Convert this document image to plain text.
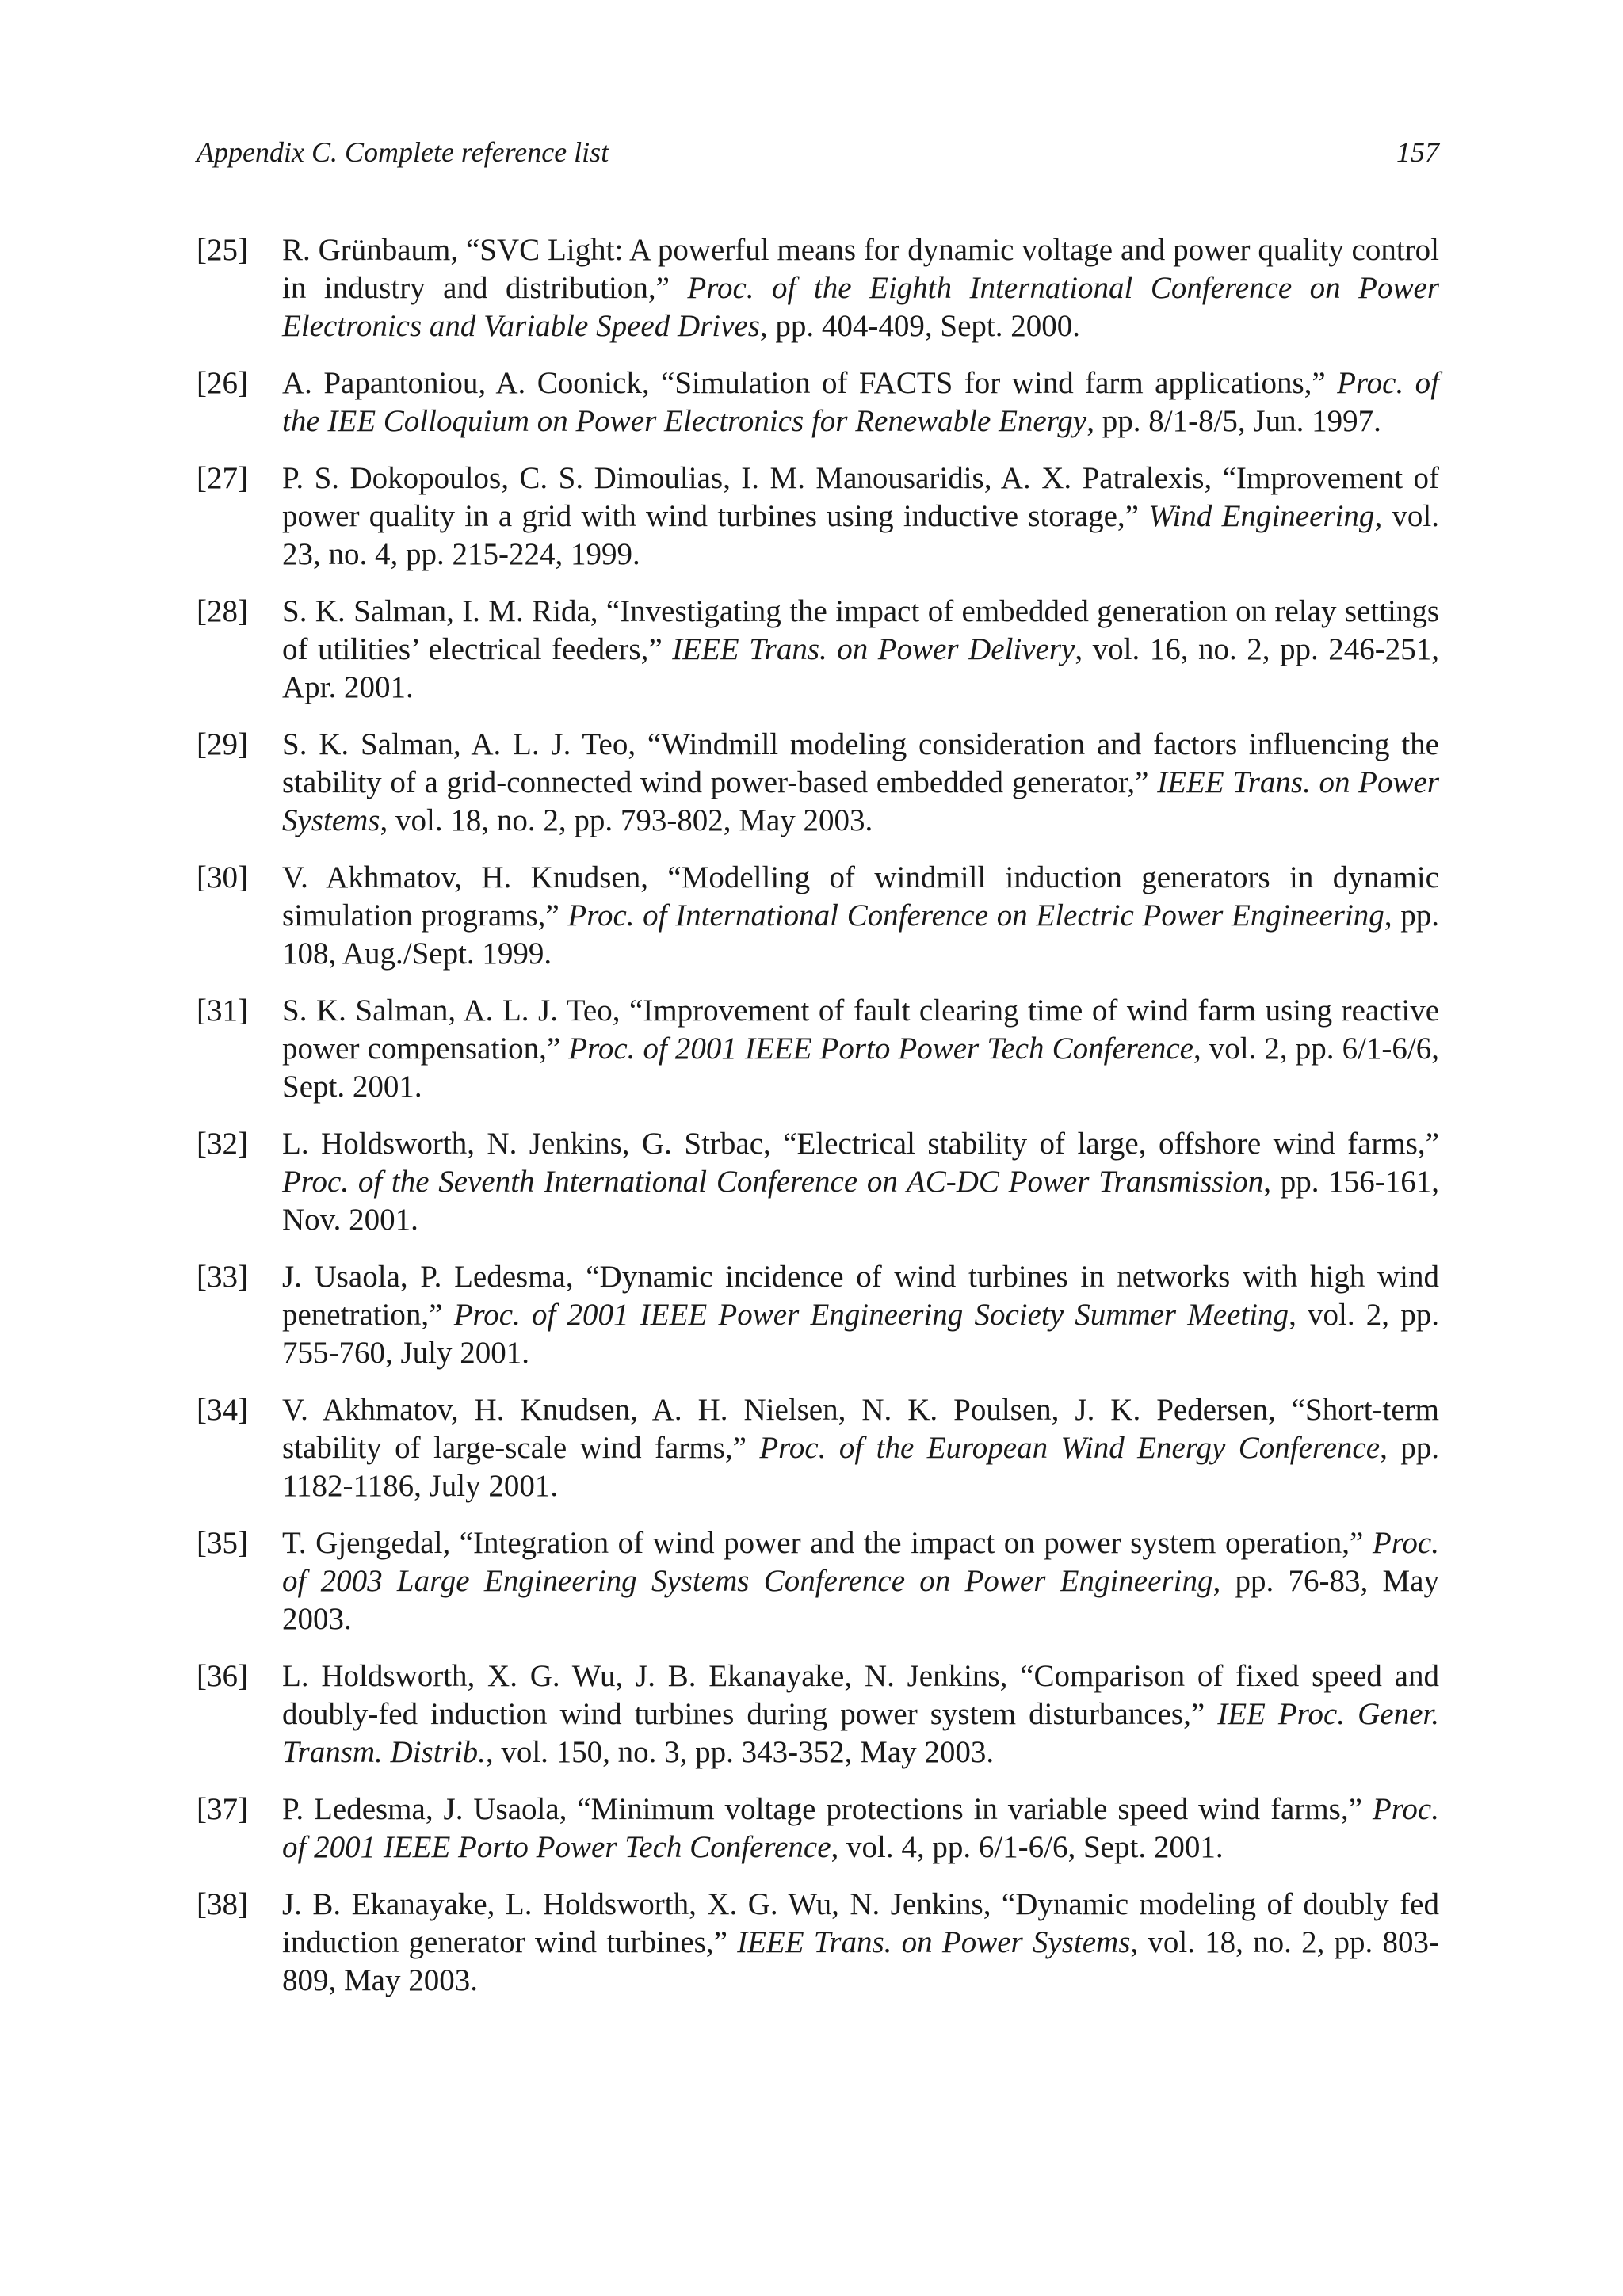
Appendix C. Complete reference list	157
[25] R. Grünbaum, “SVC Light: A powerful means for dynamic voltage and power quality control in industry and distribution,” Proc. of the Eighth International Conference on Power Electronics and Variable Speed Drives, pp. 404-409, Sept. 2000.
[26] A. Papantoniou, A. Coonick, “Simulation of FACTS for wind farm applications,” Proc. of the IEE Colloquium on Power Electronics for Renewable Energy, pp. 8/1-8/5, Jun. 1997.
[27] P. S. Dokopoulos, C. S. Dimoulias, I. M. Manousaridis, A. X. Patralexis, “Improvement of power quality in a grid with wind turbines using inductive storage,” Wind Engineering, vol. 23, no. 4, pp. 215-224, 1999.
[28] S. K. Salman, I. M. Rida, “Investigating the impact of embedded generation on relay settings of utilities’ electrical feeders,” IEEE Trans. on Power Delivery, vol. 16, no. 2, pp. 246-251, Apr. 2001.
[29] S. K. Salman, A. L. J. Teo, “Windmill modeling consideration and factors influencing the stability of a grid-connected wind power-based embedded generator,” IEEE Trans. on Power Systems, vol. 18, no. 2, pp. 793-802, May 2003.
[30] V. Akhmatov, H. Knudsen, “Modelling of windmill induction generators in dynamic simulation programs,” Proc. of International Conference on Electric Power Engineering, pp. 108, Aug./Sept. 1999.
[31] S. K. Salman, A. L. J. Teo, “Improvement of fault clearing time of wind farm using reactive power compensation,” Proc. of 2001 IEEE Porto Power Tech Conference, vol. 2, pp. 6/1-6/6, Sept. 2001.
[32] L. Holdsworth, N. Jenkins, G. Strbac, “Electrical stability of large, offshore wind farms,” Proc. of the Seventh International Conference on AC-DC Power Transmission, pp. 156-161, Nov. 2001.
[33] J. Usaola, P. Ledesma, “Dynamic incidence of wind turbines in networks with high wind penetration,” Proc. of 2001 IEEE Power Engineering Society Summer Meeting, vol. 2, pp. 755-760, July 2001.
[34] V. Akhmatov, H. Knudsen, A. H. Nielsen, N. K. Poulsen, J. K. Pedersen, “Short-term stability of large-scale wind farms,” Proc. of the European Wind Energy Conference, pp. 1182-1186, July 2001.
[35] T. Gjengedal, “Integration of wind power and the impact on power system operation,” Proc. of 2003 Large Engineering Systems Conference on Power Engineering, pp. 76-83, May 2003.
[36] L. Holdsworth, X. G. Wu, J. B. Ekanayake, N. Jenkins, “Comparison of fixed speed and doubly-fed induction wind turbines during power system disturbances,” IEE Proc. Gener. Transm. Distrib., vol. 150, no. 3, pp. 343-352, May 2003.
[37] P. Ledesma, J. Usaola, “Minimum voltage protections in variable speed wind farms,” Proc. of 2001 IEEE Porto Power Tech Conference, vol. 4, pp. 6/1-6/6, Sept. 2001.
[38] J. B. Ekanayake, L. Holdsworth, X. G. Wu, N. Jenkins, “Dynamic modeling of doubly fed induction generator wind turbines,” IEEE Trans. on Power Systems, vol. 18, no. 2, pp. 803-809, May 2003.
